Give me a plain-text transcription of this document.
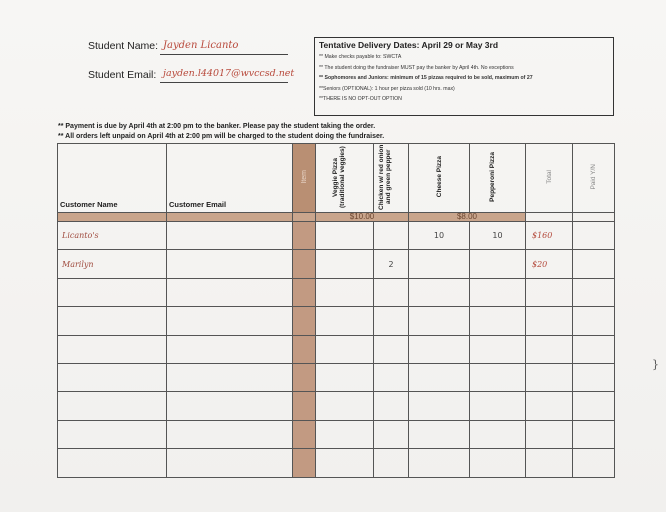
Student Name: Jayden Licanto
Student Email: jayden.l44017@wvccsd.net
Tentative Delivery Dates: April 29 or May 3rd
** Make checks payable to: SWCTA
** The student doing the fundraiser MUST pay the banker by April 4th. No exceptions
** Sophomores and Juniors: minimum of 15 pizzas required to be sold, maximum of 27
**Seniors (OPTIONAL): 1 hour per pizza sold (10 hrs. max)
**THERE IS NO OPT-OUT OPTION
** Payment is due by April 4th at 2:00 pm to the banker. Please pay the student taking the order.
** All orders left unpaid on April 4th at 2:00 pm will be charged to the student doing the fundraiser.
Customer Name	Customer Email	Item	Veggie Pizza (traditional veggies)	Chicken w/ red onion and green pepper	Cheese Pizza	Pepperoni Pizza	Total	Paid Y/N
			$10.00		$8.00			
Licanto's					10	10	$160	
Marilyn				2			$20	

}
